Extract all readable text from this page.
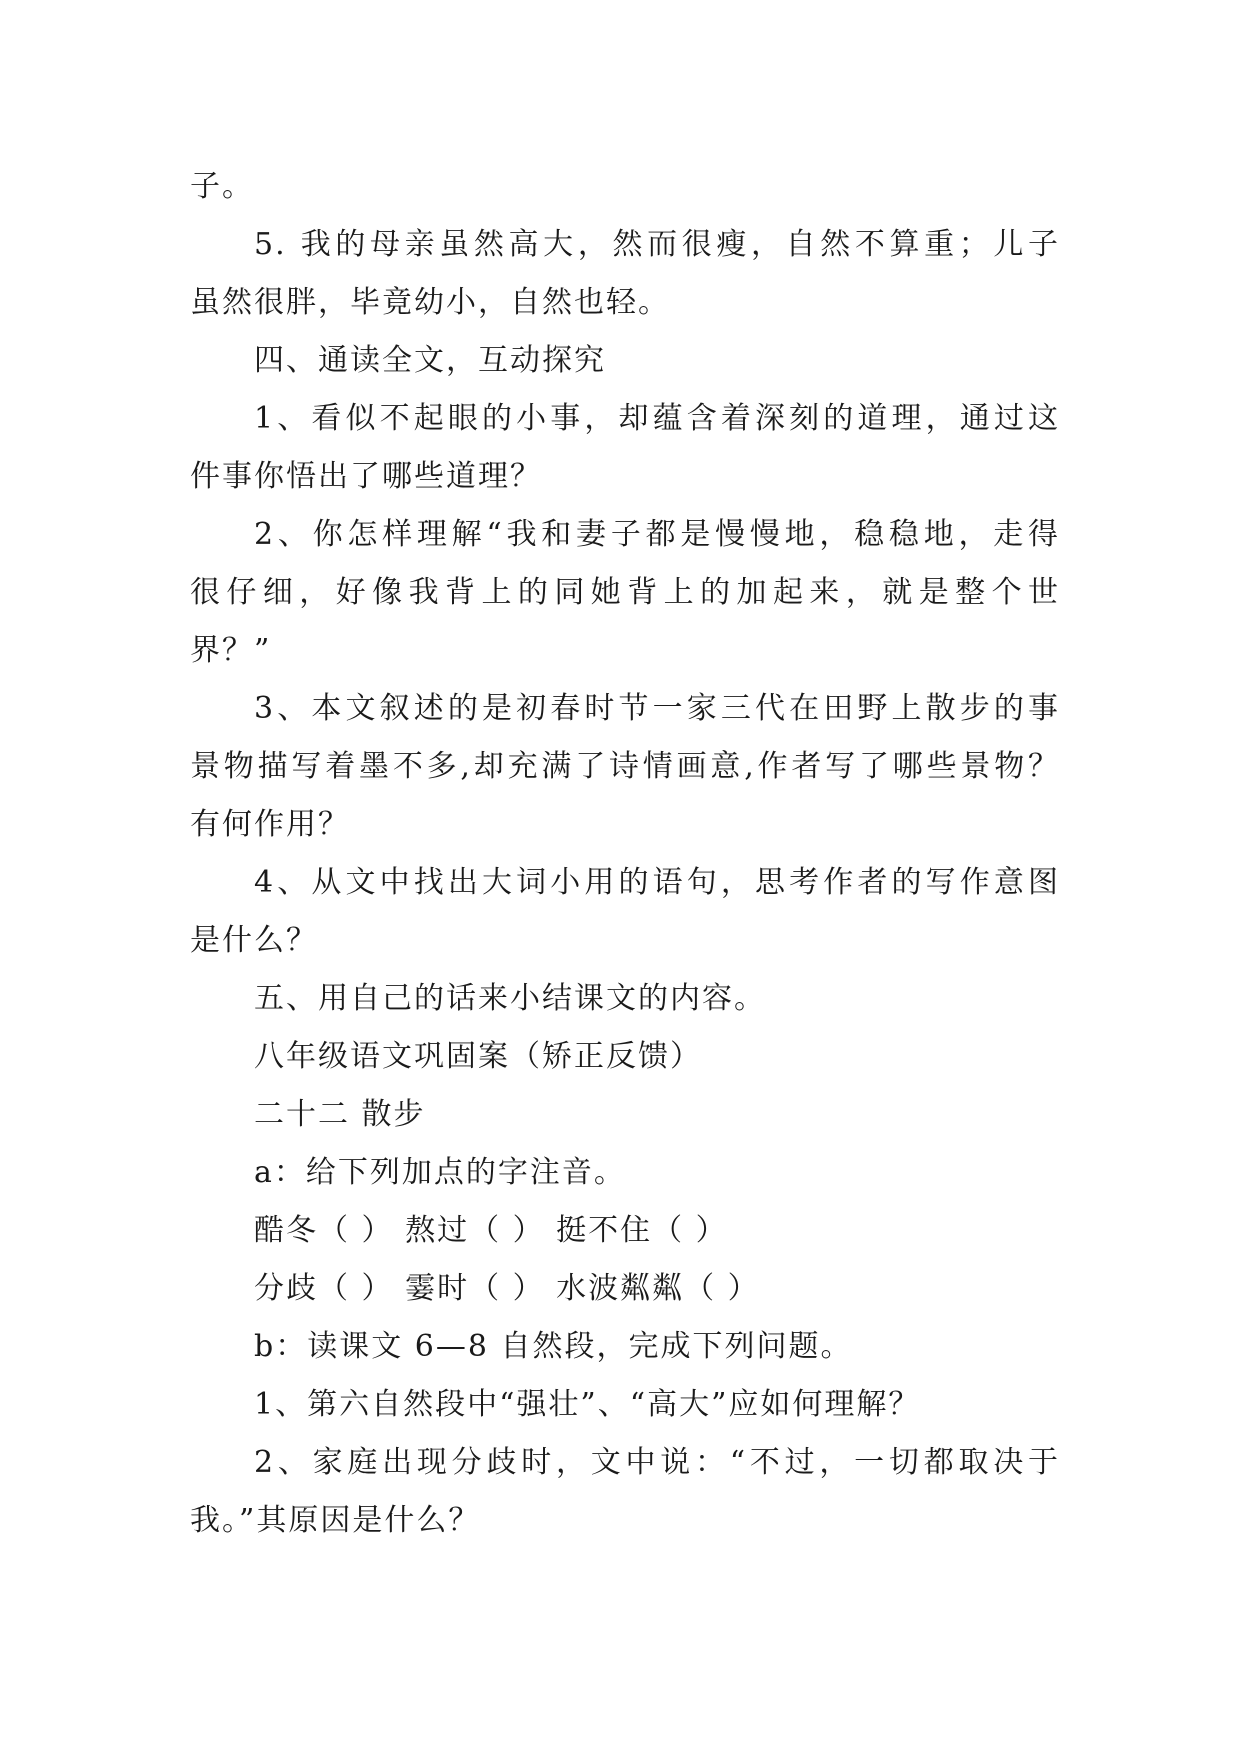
子。
5. 我的母亲虽然高大，然而很瘦，自然不算重；儿子
虽然很胖，毕竟幼小，自然也轻。
四、通读全文，互动探究
1、看似不起眼的小事，却蕴含着深刻的道理，通过这
件事你悟出了哪些道理？
2、你怎样理解“我和妻子都是慢慢地，稳稳地，走得
很仔细，好像我背上的同她背上的加起来，就是整个世
界？”
3、本文叙述的是初春时节一家三代在田野上散步的事
景物描写着墨不多,却充满了诗情画意,作者写了哪些景物？
有何作用？
4、从文中找出大词小用的语句，思考作者的写作意图
是什么？
五、用自己的话来小结课文的内容。
八年级语文巩固案（矫正反馈）
二十二 散步
a：给下列加点的字注音。
酷冬（ ） 熬过（ ） 挺不住（ ）
分歧（ ） 霎时（ ） 水波粼粼（ ）
b：读课文 6—8 自然段，完成下列问题。
1、第六自然段中“强壮”、“高大”应如何理解？
2、家庭出现分歧时，文中说：“不过，一切都取决于
我。”其原因是什么？
